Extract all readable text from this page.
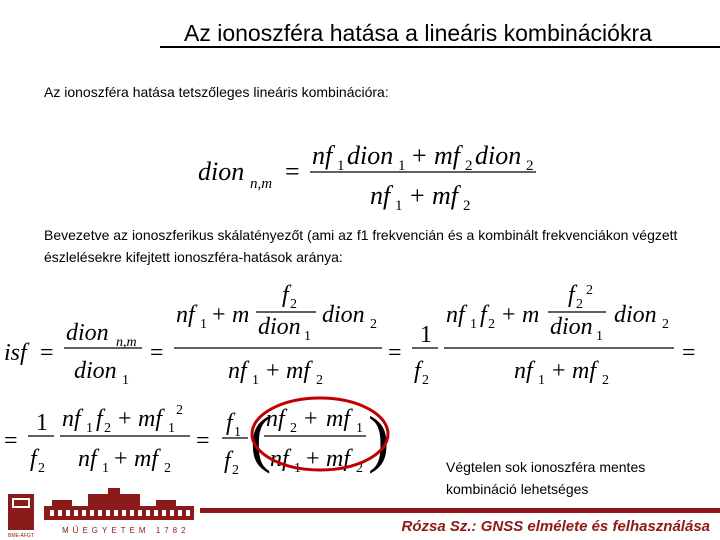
Az ionoszféra hatása a lineáris kombinációkra
Az ionoszféra hatása tetszőleges lineáris kombinációra:
dion n,m =
nf 1 dion 1 + mf 2 dion 2
nf 1 + mf 2
Bevezetve az ionoszferikus skálatényezőt (ami az f1 frekvencián és a kombinált frekvenciákon végzett észlelésekre kifejtett ionoszféra-hatások aránya:
isf =
dion n,m
dion 1
=
nf 1 + m
f 2
dion 1
dion 2
nf 1 + mf 2
=
1
f 2
nf 1 f 2 + m
f 2
2
dion 1
dion 2
nf 1 + mf 2
=
=
1
f 2
nf 1 f 2 + mf 1
2
nf 1 + mf 2
=
f 1
f 2 (
nf 2 + mf 1
nf 1 + mf 2 )	Végtelen sok ionoszféra mentes kombináció lehetséges
MŰEGYETEM 1782
BME-ÁFGT
Rózsa Sz.: GNSS elmélete és felhasználása
